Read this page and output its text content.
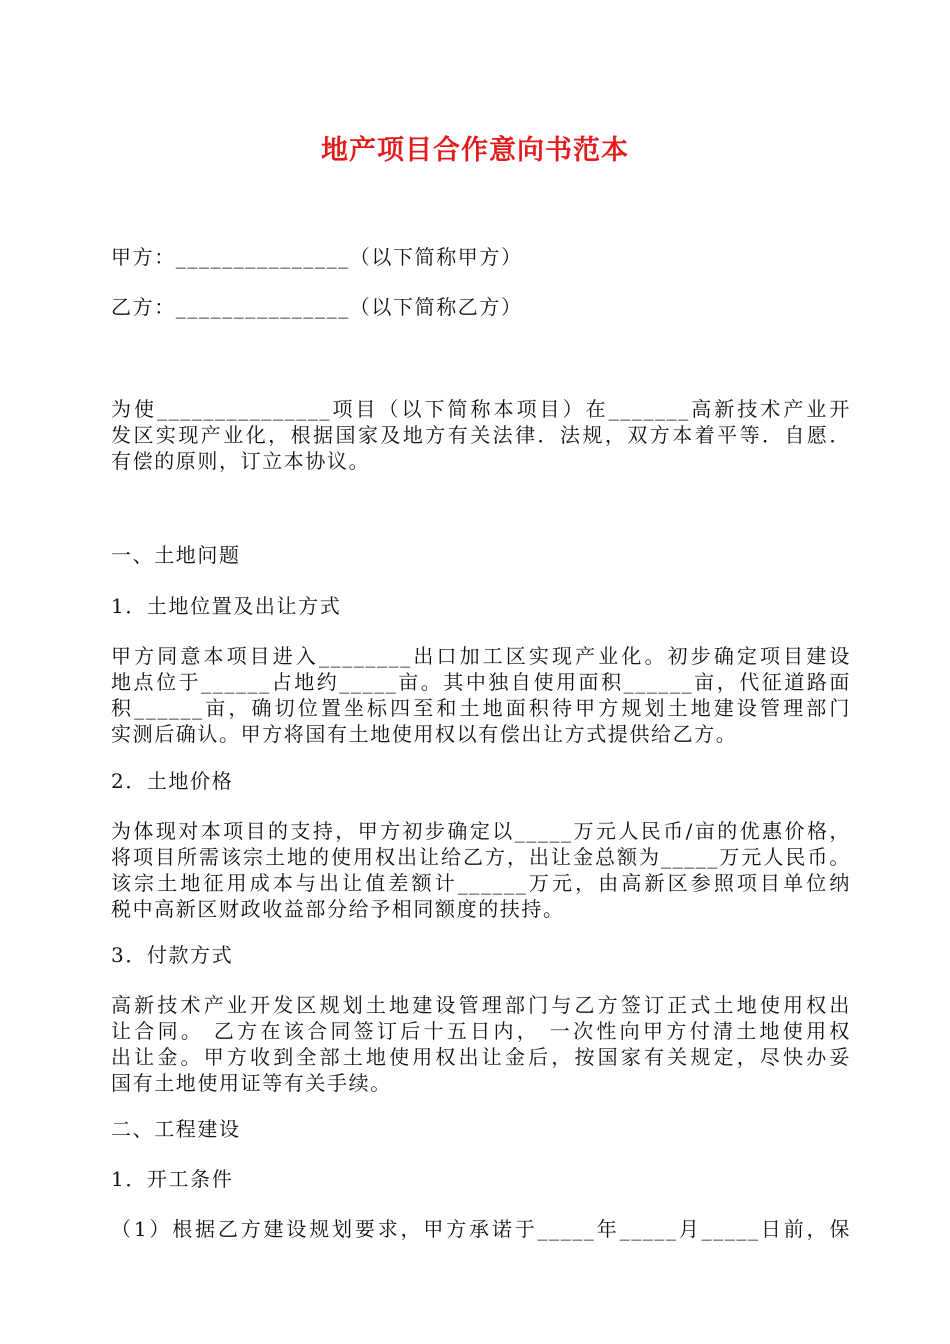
地产项目合作意向书范本
甲方：_______________（以下简称甲方）
乙方：_______________（以下简称乙方）
为使_______________项目（以下简称本项目）在_______高新技术产业开
发区实现产业化，根据国家及地方有关法律．法规，双方本着平等．自愿．
有偿的原则，订立本协议。
一、土地问题
1．土地位置及出让方式
甲方同意本项目进入________出口加工区实现产业化。初步确定项目建设
地点位于______占地约_____亩。其中独自使用面积______亩，代征道路面
积______亩，确切位置坐标四至和土地面积待甲方规划土地建设管理部门
实测后确认。甲方将国有土地使用权以有偿出让方式提供给乙方。
2．土地价格
为体现对本项目的支持，甲方初步确定以_____万元人民币/亩的优惠价格，
将项目所需该宗土地的使用权出让给乙方，出让金总额为_____万元人民币。
该宗土地征用成本与出让值差额计______万元，由高新区参照项目单位纳
税中高新区财政收益部分给予相同额度的扶持。
3．付款方式
高新技术产业开发区规划土地建设管理部门与乙方签订正式土地使用权出
让合同。 乙方在该合同签订后十五日内， 一次性向甲方付清土地使用权
出让金。甲方收到全部土地使用权出让金后，按国家有关规定，尽快办妥
国有土地使用证等有关手续。
二、工程建设
1．开工条件
（1）根据乙方建设规划要求，甲方承诺于_____年_____月_____日前，保
